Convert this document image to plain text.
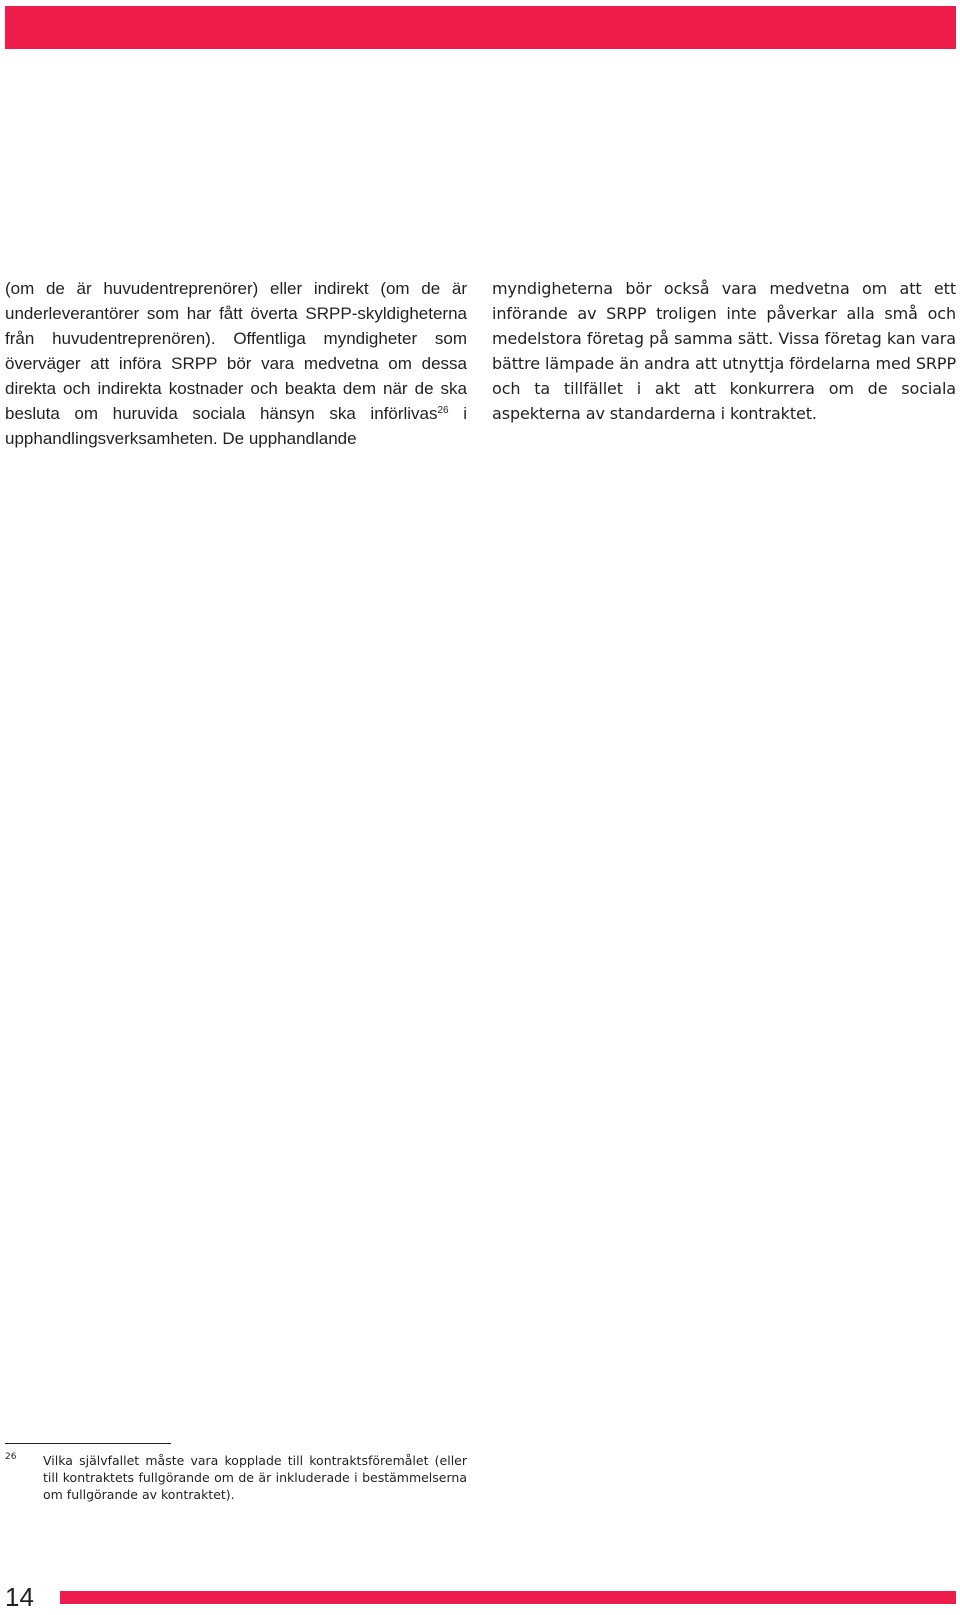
(om de är huvudentreprenörer) eller indirekt (om de är underleverantörer som har fått överta SRPP-skyldigheterna från huvudentreprenören). Offentliga myndigheter som överväger att införa SRPP bör vara medvetna om dessa direkta och indirekta kostnader och beakta dem när de ska besluta om huruvida sociala hänsyn ska införlivas$^{26}$ i upphandlingsverksamheten. De upphandlande

myndigheterna bör också vara medvetna om att ett införande av SRPP troligen inte påverkar alla små och medelstora företag på samma sätt. Vissa företag kan vara bättre lämpade än andra att utnyttja fördelarna med SRPP och ta tillfället i akt att konkurrera om de sociala aspekterna av standarderna i kontraktet.

26 Vilka självfallet måste vara kopplade till kontraktsföremålet (eller till kontraktets fullgörande om de är inkluderade i bestämmelserna om fullgörande av kontraktet).
14
